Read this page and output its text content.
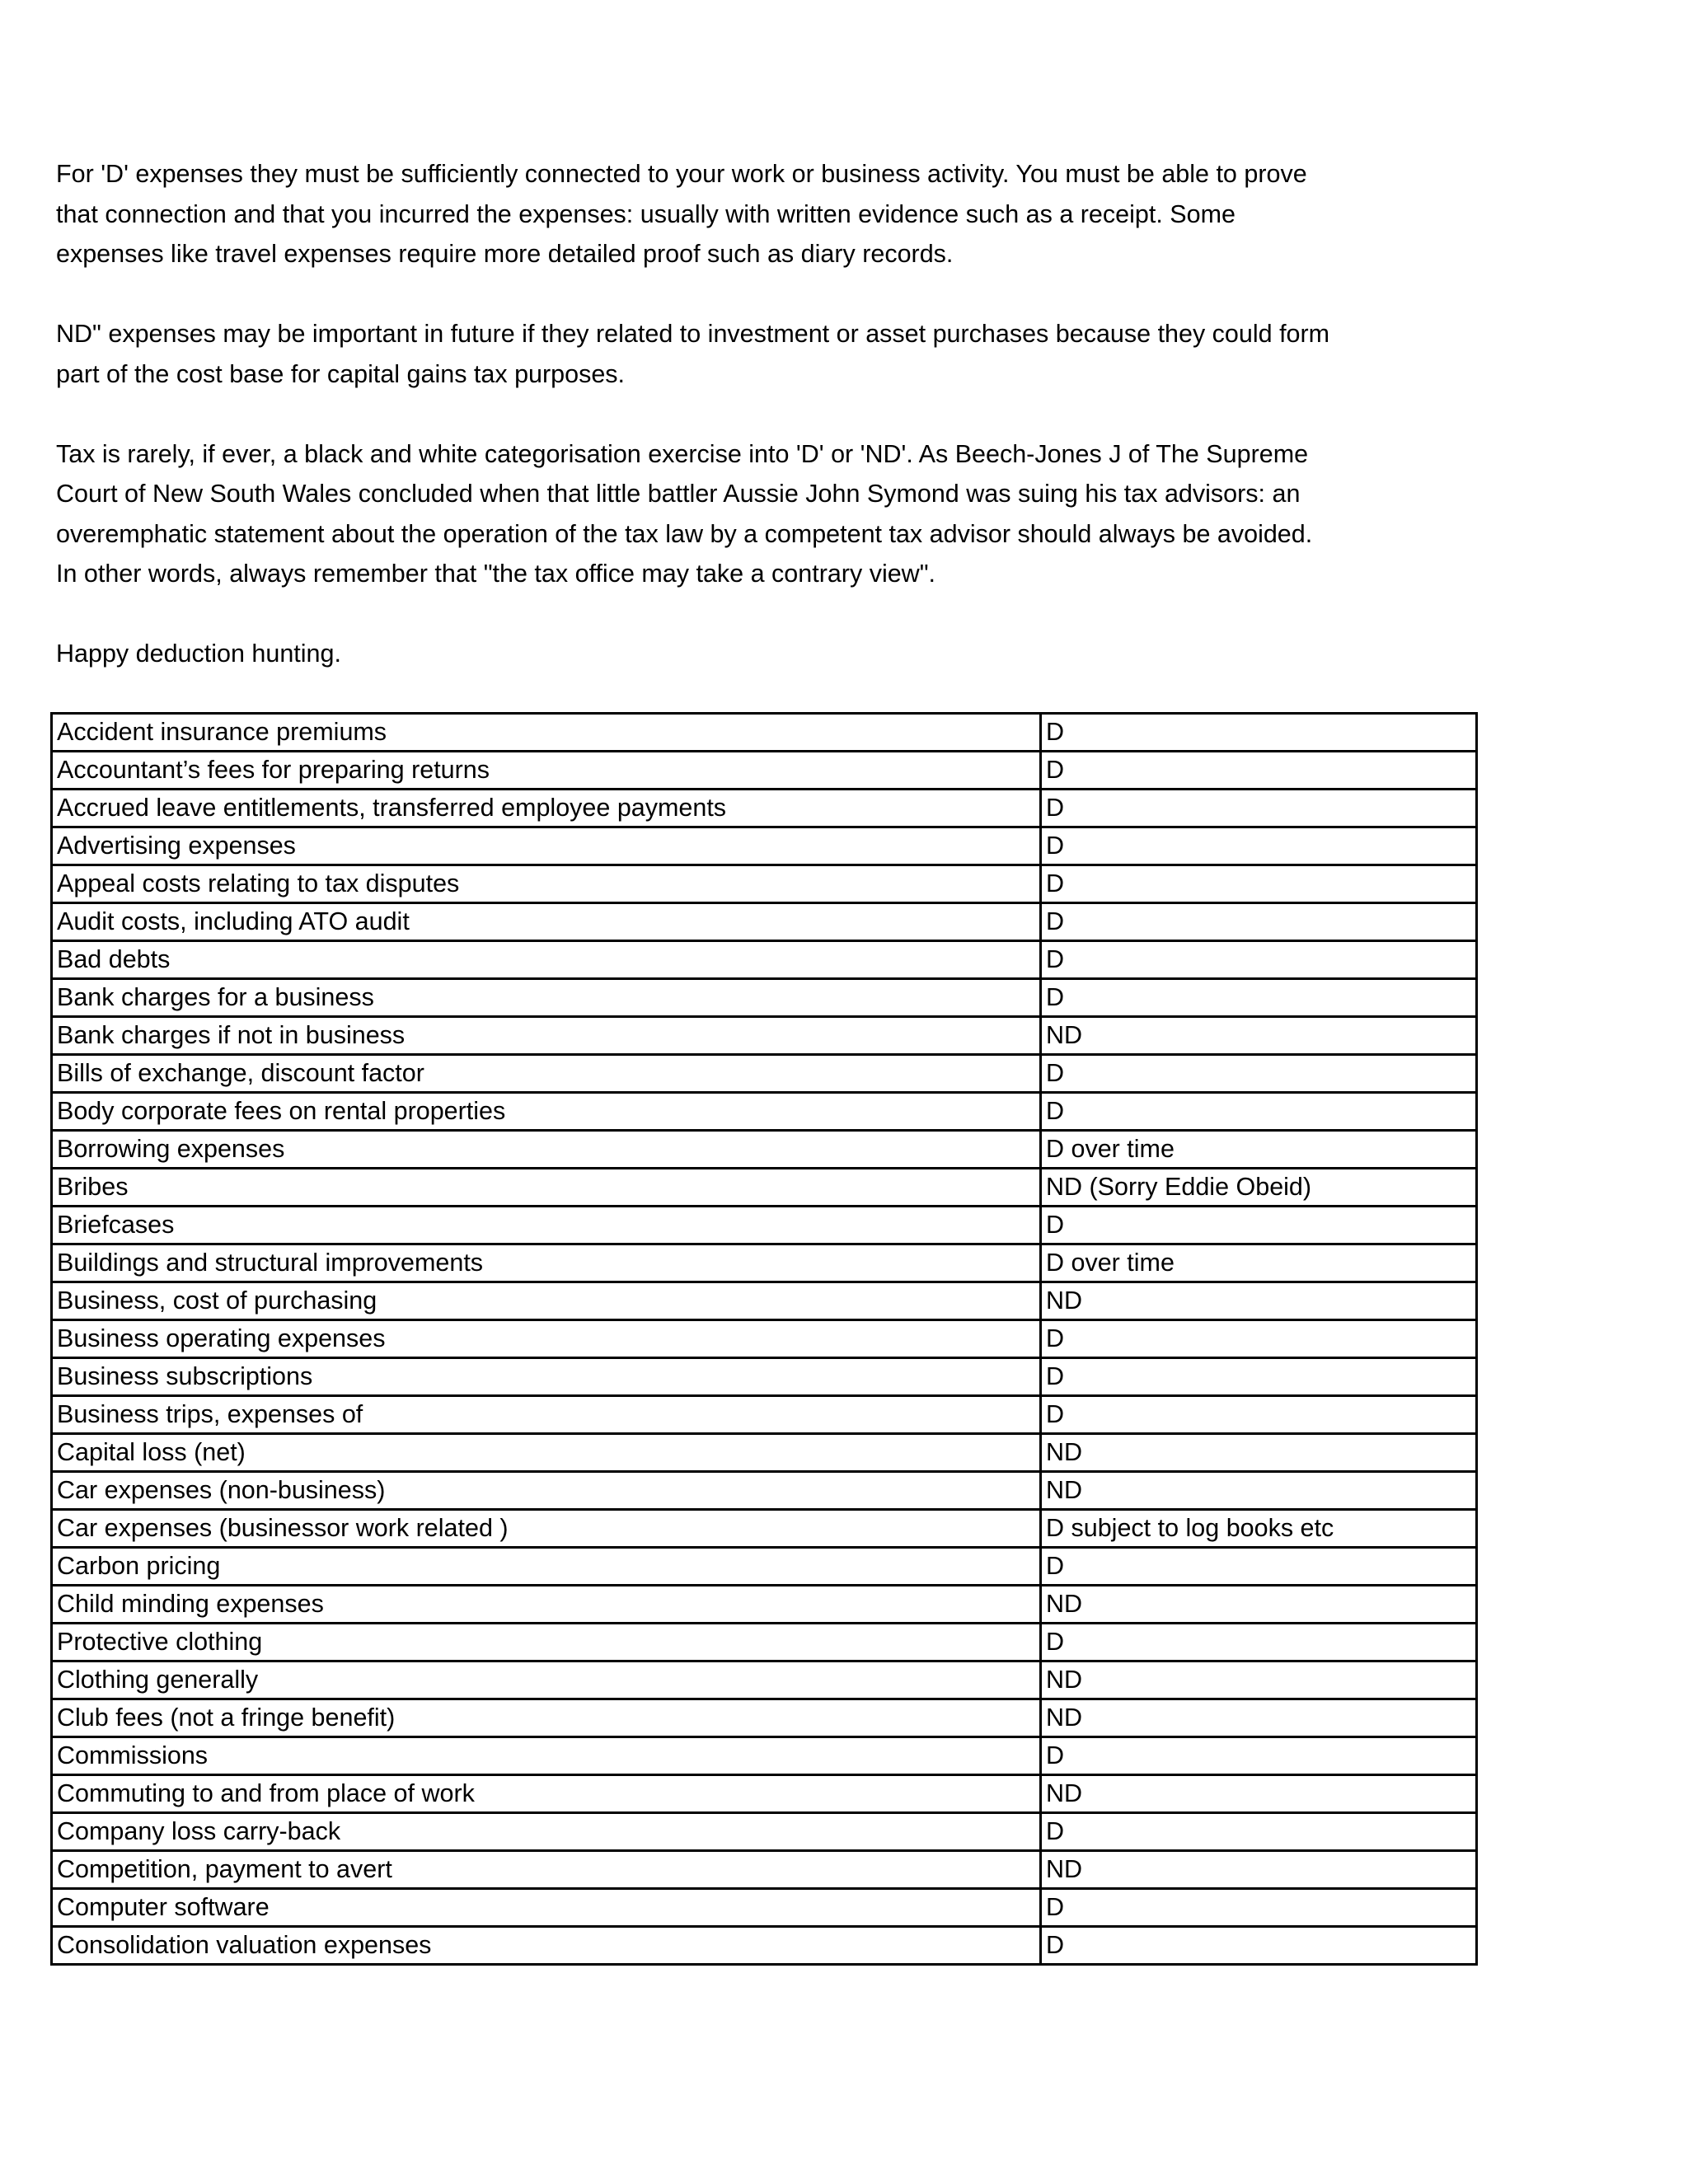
For 'D' expenses they must be sufficiently connected to your work or business activity. You must be able to prove
that connection and that you incurred the expenses: usually with written evidence such as a receipt. Some
expenses like travel expenses require more detailed proof such as diary records.

ND" expenses may be important in future if they related to investment or asset purchases because they could form
part of the cost base for capital gains tax purposes.

Tax is rarely, if ever, a black and white categorisation exercise into 'D' or 'ND'. As Beech-Jones J of The Supreme
Court of New South Wales concluded when that little battler Aussie John Symond was suing his tax advisors: an
overemphatic statement about the operation of the tax law by a competent tax advisor should always be avoided.
In other words, always remember that "the tax office may take a contrary view".

Happy deduction hunting.

Accident insurance premiums	D
Accountant’s fees for preparing returns	D
Accrued leave entitlements, transferred employee payments	D
Advertising expenses	D
Appeal costs relating to tax disputes	D
Audit costs, including ATO audit	D
Bad debts	D
Bank charges for a business	D
Bank charges if not in business	ND
Bills of exchange, discount factor	D
Body corporate fees on rental properties	D
Borrowing expenses	D over time
Bribes	ND (Sorry Eddie Obeid)
Briefcases	D
Buildings and structural improvements	D over time
Business, cost of purchasing	ND
Business operating expenses	D
Business subscriptions	D
Business trips, expenses of	D
Capital loss (net)	ND
Car expenses (non-business)	ND
Car expenses (businessor work related )	D subject to log books etc
Carbon pricing	D
Child minding expenses	ND
Protective clothing	D
Clothing generally	ND
Club fees (not a fringe benefit)	ND
Commissions	D
Commuting to and from place of work	ND
Company loss carry-back	D
Competition, payment to avert	ND
Computer software	D
Consolidation valuation expenses	D
